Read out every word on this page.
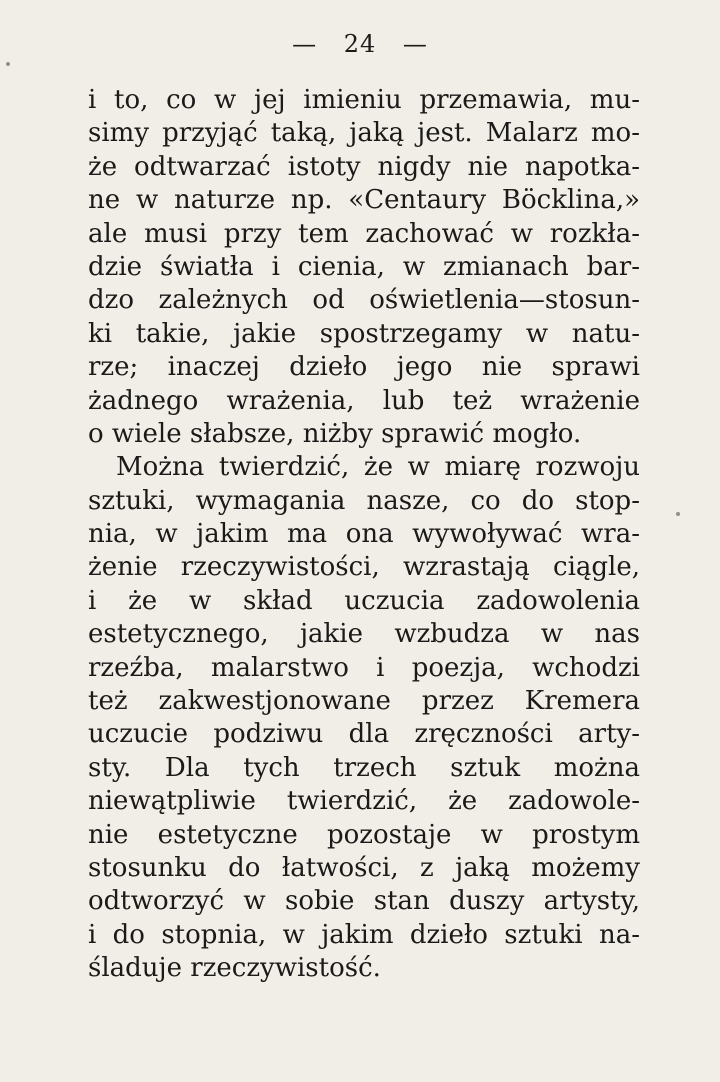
— 24 —
i to, co w jej imieniu przemawia, mu-
simy przyjąć taką, jaką jest. Malarz mo-
że odtwarzać istoty nigdy nie napotka-
ne w naturze np. «Centaury Böcklina,»
ale musi przy tem zachować w rozkła-
dzie światła i cienia, w zmianach bar-
dzo zależnych od oświetlenia—stosun-
ki takie, jakie spostrzegamy w natu-
rze; inaczej dzieło jego nie sprawi
żadnego wrażenia, lub też wrażenie
o wiele słabsze, niżby sprawić mogło.
Można twierdzić, że w miarę rozwoju
sztuki, wymagania nasze, co do stop-
nia, w jakim ma ona wywoływać wra-
żenie rzeczywistości, wzrastają ciągle,
i że w skład uczucia zadowolenia
estetycznego, jakie wzbudza w nas
rzeźba, malarstwo i poezja, wchodzi
też zakwestjonowane przez Kremera
uczucie podziwu dla zręczności arty-
sty. Dla tych trzech sztuk można
niewątpliwie twierdzić, że zadowole-
nie estetyczne pozostaje w prostym
stosunku do łatwości, z jaką możemy
odtworzyć w sobie stan duszy artysty,
i do stopnia, w jakim dzieło sztuki na-
śladuje rzeczywistość.
